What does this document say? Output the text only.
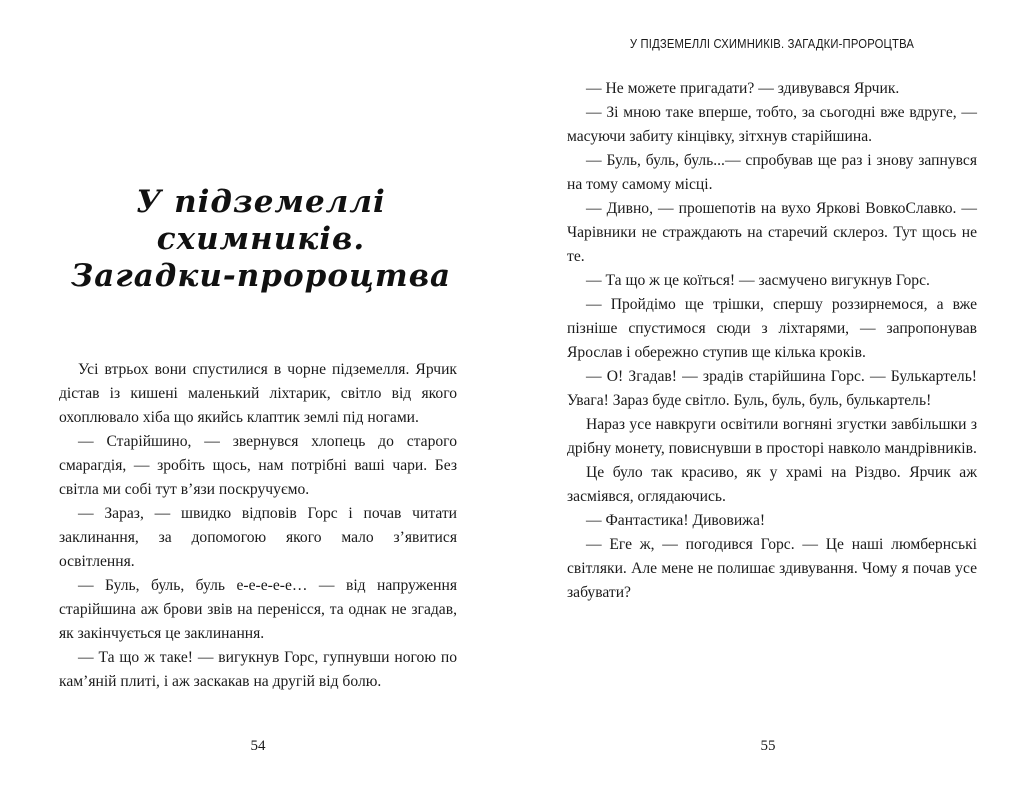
У підземеллі
схимників.
Загадки-пророцтва

Усі втрьох вони спустилися в чорне підземелля. Ярчик дістав із кишені маленький ліхтарик, світло від якого охоплювало хіба що якийсь клаптик землі під ногами.

— Старійшино, — звернувся хлопець до старого смарагдія, — зробіть щось, нам потрібні ваші чари. Без світла ми собі тут в’язи поскручуємо.

— Зараз, — швидко відповів Горс і почав читати заклинання, за допомогою якого мало з’явитися освітлення.

— Буль, буль, буль е-е-е-е-е… — від напруження старійшина аж брови звів на перенісся, та однак не згадав, як закінчується це заклинання.

— Та що ж таке! — вигукнув Горс, гупнувши ногою по кам’яній плиті, і аж заскакав на другій від болю.

54
У ПІДЗЕМЕЛЛІ СХИМНИКІВ. ЗАГАДКИ-ПРОРОЦТВА

— Не можете пригадати? — здивувався Ярчик.

— Зі мною таке вперше, тобто, за сьогодні вже вдруге, — масуючи забиту кінцівку, зітхнув старійшина.

— Буль, буль, буль...— спробував ще раз і знову запнувся на тому самому місці.

— Дивно, — прошепотів на вухо Яркові ВовкоСлавко. — Чарівники не страждають на старечий склероз. Тут щось не те.

— Та що ж це коїться! — засмучено вигукнув Горс.

— Пройдімо ще трішки, спершу роззирнемося, а вже пізніше спустимося сюди з ліхтарями, — запропонував Ярослав і обережно ступив ще кілька кроків.

— О! Згадав! — зрадів старійшина Горс. — Булькартель! Увага! Зараз буде світло. Буль, буль, буль, булькартель!

Нараз усе навкруги освітили вогняні згустки завбільшки з дрібну монету, повиснувши в просторі навколо мандрівників.

Це було так красиво, як у храмі на Різдво. Ярчик аж засміявся, оглядаючись.

— Фантастика! Дивовижа!

— Еге ж, — погодився Горс. — Це наші люмбернські світляки. Але мене не полишає здивування. Чому я почав усе забувати?

55
